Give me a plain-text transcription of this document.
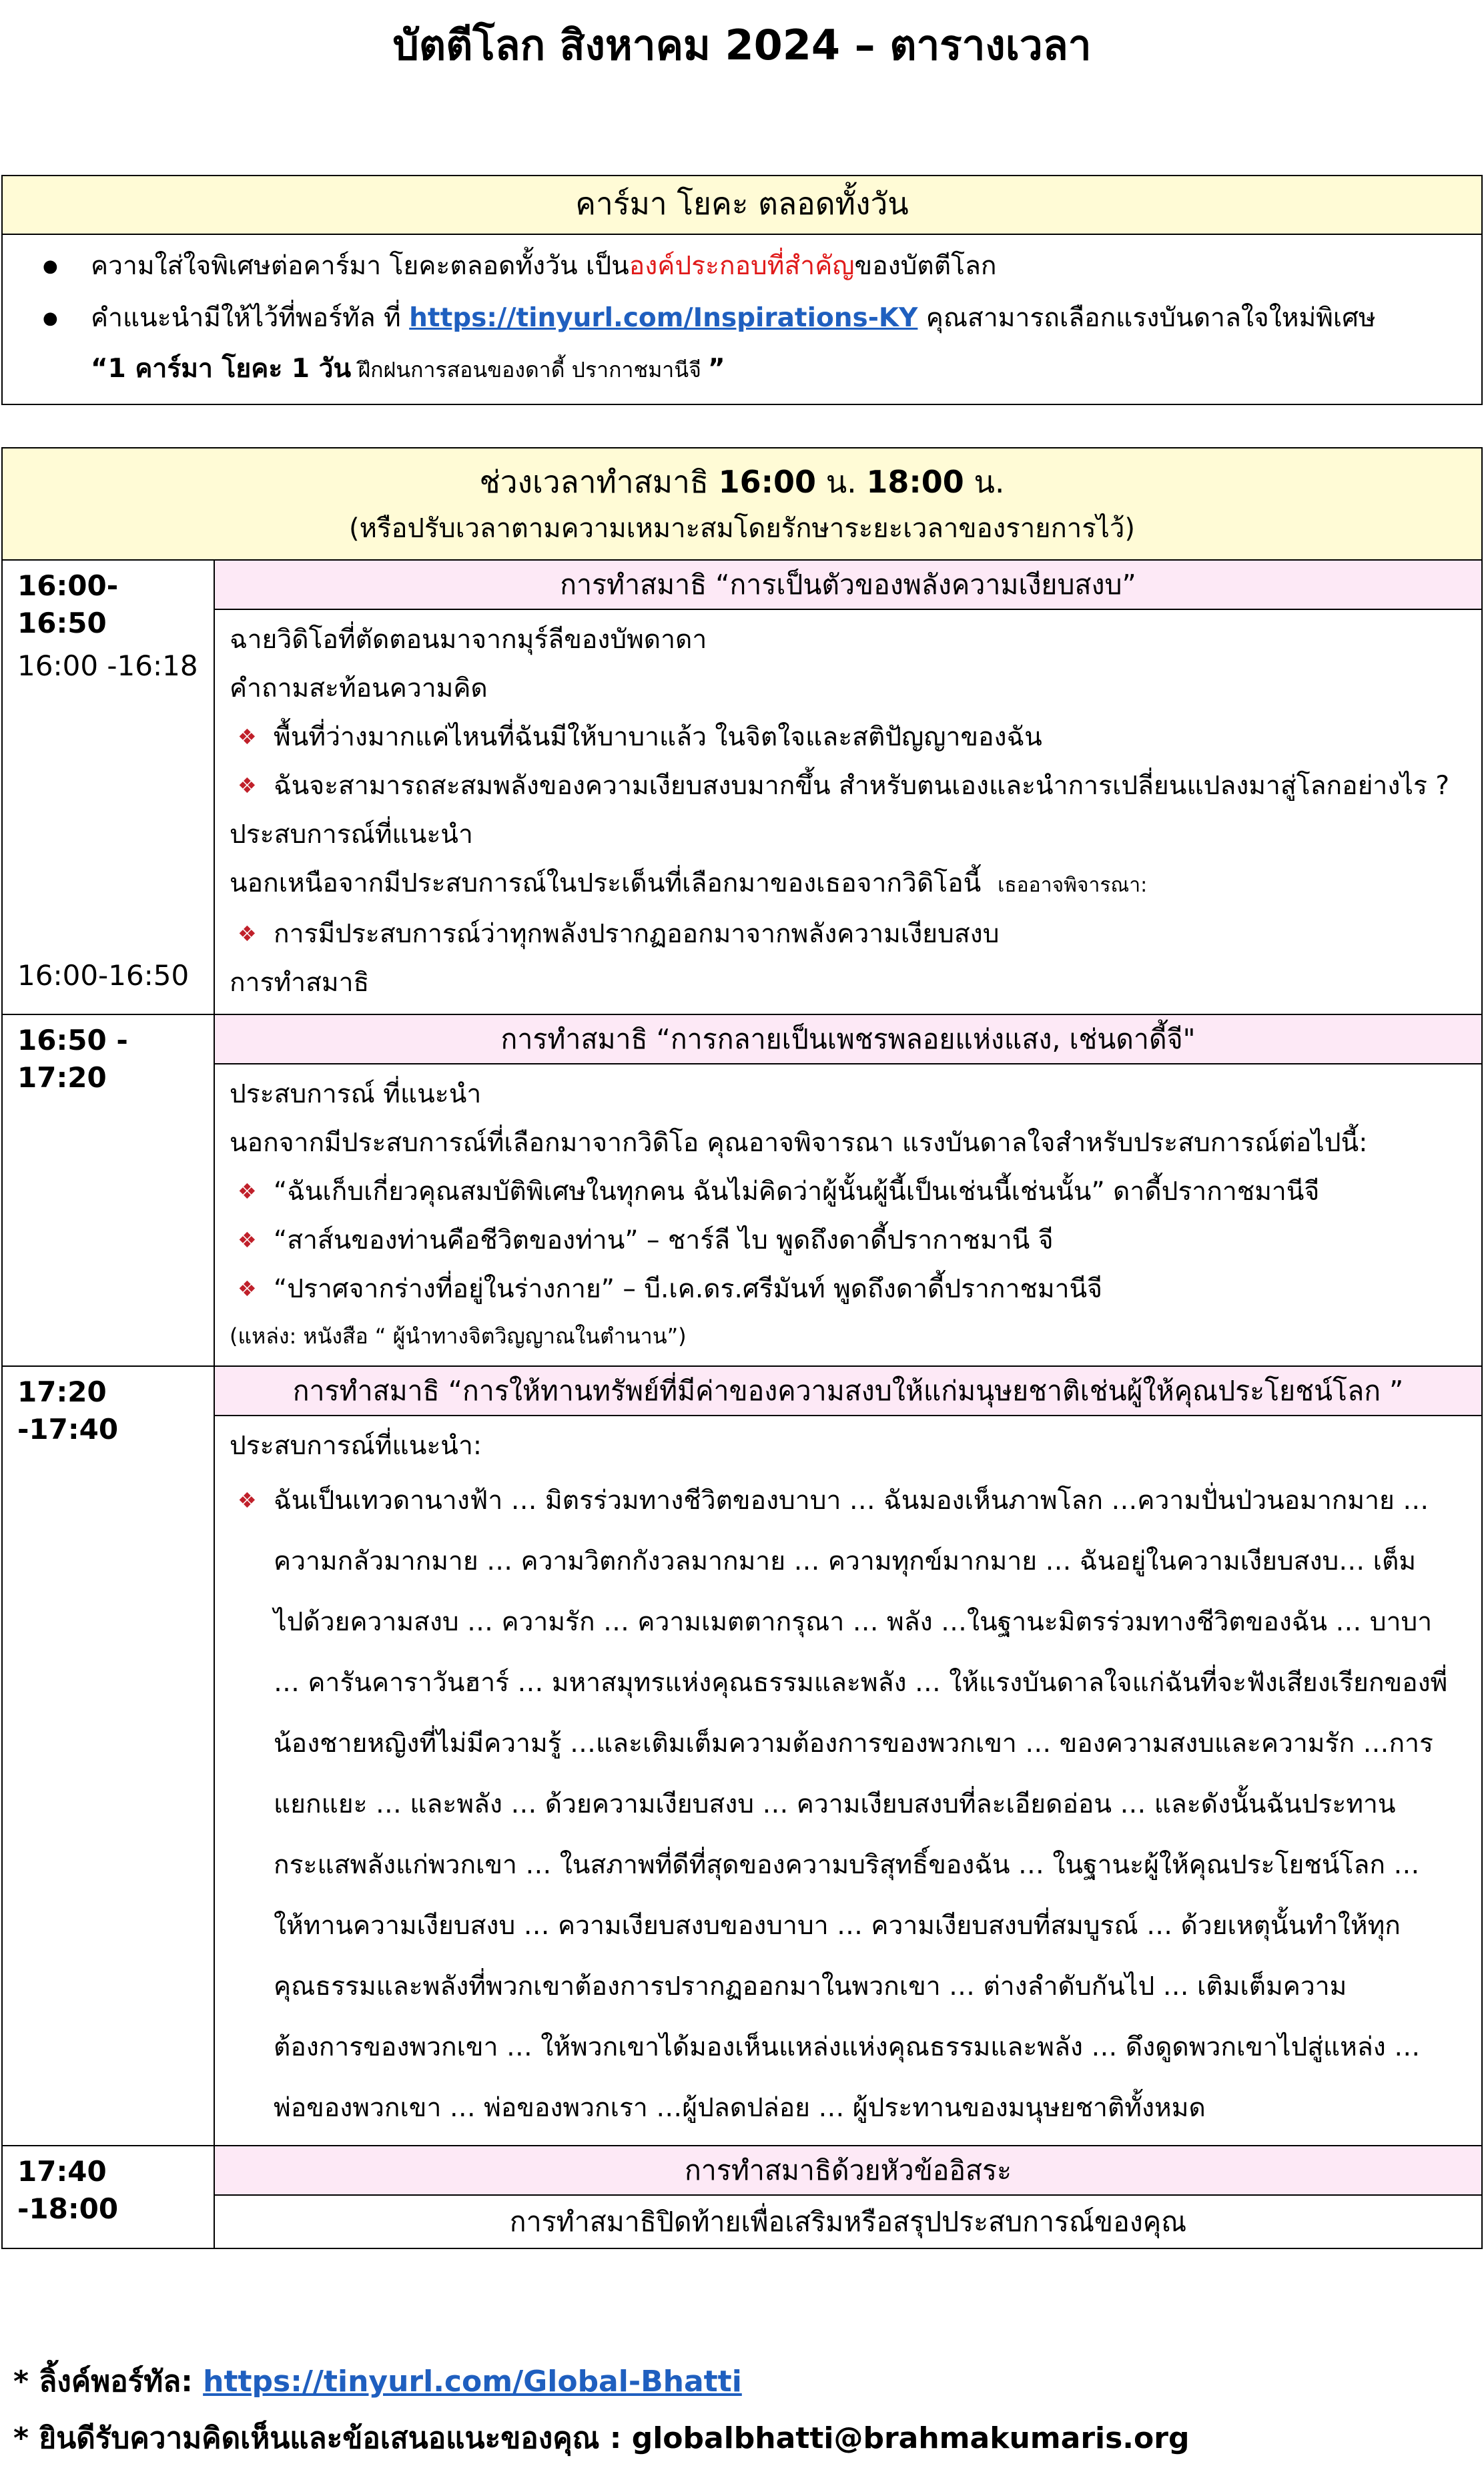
บัตตีโลก สิงหาคม 2024 – ตารางเวลา
คาร์มา โยคะ ตลอดทั้งวัน
● ความใส่ใจพิเศษต่อคาร์มา โยคะตลอดทั้งวัน เป็นองค์ประกอบที่สำคัญของบัตตีโลก
● คำแนะนำมีให้ไว้ที่พอร์ทัล ที่ https://tinyurl.com/Inspirations-KY คุณสามารถเลือกแรงบันดาลใจใหม่พิเศษ
“1 คาร์มา โยคะ 1 วัน ฝึกฝนการสอนของดาดี้ ปรากาชมานีจี ”
ช่วงเวลาทำสมาธิ 16:00 น. 18:00 น.
(หรือปรับเวลาตามความเหมาะสมโดยรักษาระยะเวลาของรายการไว้)
16:00- 16:50
16:00 -16:18
16:00-16:50
การทำสมาธิ “การเป็นตัวของพลังความเงียบสงบ”
ฉายวิดิโอที่ตัดตอนมาจากมุร์ลีของบัพดาดา
คำถามสะท้อนความคิด
❖ พื้นที่ว่างมากแค่ไหนที่ฉันมีให้บาบาแล้ว ในจิตใจและสติปัญญาของฉัน
❖ ฉันจะสามารถสะสมพลังของความเงียบสงบมากขึ้น สำหรับตนเองและนำการเปลี่ยนแปลงมาสู่โลกอย่างไร ?
ประสบการณ์ที่แนะนำ
นอกเหนือจากมีประสบการณ์ในประเด็นที่เลือกมาของเธอจากวิดิโอนี้ เธออาจพิจารณา:
❖ การมีประสบการณ์ว่าทุกพลังปรากฏออกมาจากพลังความเงียบสงบ
การทำสมาธิ
16:50 - 17:20
การทำสมาธิ “การกลายเป็นเพชรพลอยแห่งแสง, เช่นดาดี้จี"
ประสบการณ์ ที่แนะนำ
นอกจากมีประสบการณ์ที่เลือกมาจากวิดิโอ คุณอาจพิจารณา แรงบันดาลใจสำหรับประสบการณ์ต่อไปนี้:
❖ “ฉันเก็บเกี่ยวคุณสมบัติพิเศษในทุกคน ฉันไม่คิดว่าผู้นั้นผู้นี้เป็นเช่นนี้เช่นนั้น” ดาดี้ปรากาชมานีจี
❖ “สาส์นของท่านคือชีวิตของท่าน” – ชาร์ลี ไบ พูดถึงดาดี้ปรากาชมานี จี
❖ “ปราศจากร่างที่อยู่ในร่างกาย” – บี.เค.ดร.ศรีมันท์ พูดถึงดาดี้ปรากาชมานีจี
(แหล่ง: หนังสือ “ ผู้นำทางจิตวิญญาณในตำนาน”)
17:20 -17:40
การทำสมาธิ “การให้ทานทรัพย์ที่มีค่าของความสงบให้แก่มนุษยชาติเช่นผู้ให้คุณประโยชน์โลก ”
ประสบการณ์ที่แนะนำ:
❖ ฉันเป็นเทวดานางฟ้า … มิตรร่วมทางชีวิตของบาบา … ฉันมองเห็นภาพโลก …ความปั่นป่วนอมากมาย …
ความกลัวมากมาย … ความวิตกกังวลมากมาย … ความทุกข์มากมาย … ฉันอยู่ในความเงียบสงบ… เต็ม
ไปด้วยความสงบ … ความรัก … ความเมตตากรุณา … พลัง …ในฐานะมิตรร่วมทางชีวิตของฉัน … บาบา
… คารันคาราวันฮาร์ … มหาสมุทรแห่งคุณธรรมและพลัง … ให้แรงบันดาลใจแก่ฉันที่จะฟังเสียงเรียกของพี่
น้องชายหญิงที่ไม่มีความรู้ …และเติมเต็มความต้องการของพวกเขา … ของความสงบและความรัก …การ
แยกแยะ … และพลัง … ด้วยความเงียบสงบ … ความเงียบสงบที่ละเอียดอ่อน … และดังนั้นฉันประทาน
กระแสพลังแก่พวกเขา … ในสภาพที่ดีที่สุดของความบริสุทธิ์ของฉัน … ในฐานะผู้ให้คุณประโยชน์โลก …
ให้ทานความเงียบสงบ … ความเงียบสงบของบาบา … ความเงียบสงบที่สมบูรณ์ … ด้วยเหตุนั้นทำให้ทุก
คุณธรรมและพลังที่พวกเขาต้องการปรากฏออกมาในพวกเขา … ต่างลำดับกันไป … เติมเต็มความ
ต้องการของพวกเขา … ให้พวกเขาได้มองเห็นแหล่งแห่งคุณธรรมและพลัง … ดึงดูดพวกเขาไปสู่แหล่ง …
พ่อของพวกเขา … พ่อของพวกเรา …ผู้ปลดปล่อย … ผู้ประทานของมนุษยชาติทั้งหมด
17:40 -18:00
การทำสมาธิด้วยหัวข้ออิสระ
การทำสมาธิปิดท้ายเพื่อเสริมหรือสรุปประสบการณ์ของคุณ
* ลิ้งค์พอร์ทัล: https://tinyurl.com/Global-Bhatti
* ยินดีรับความคิดเห็นและข้อเสนอแนะของคุณ : globalbhatti@brahmakumaris.org
